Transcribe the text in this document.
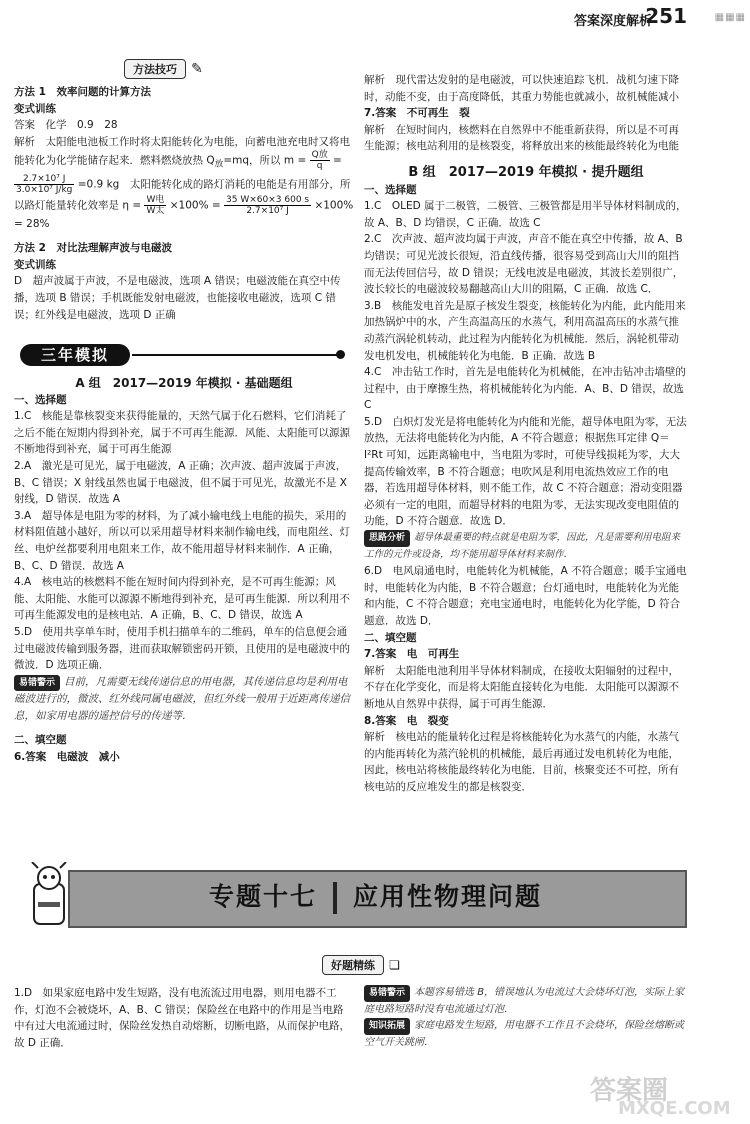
答案深度解析
251	▦▦▦
方法技巧 ✎

方法 1　效率问题的计算方法

变式训练

答案　化学　0.9　28

解析　太阳能电池板工作时将太阳能转化为电能，向蓄电池充电时又将电能转化为化学能储存起来．燃料燃烧放热 $Q_放=mq$，所以 $m = \frac{\text{Q放}}{q}$ =

$\frac{\text{2.7×10⁷ J}}{\text{3.0×10⁷ J/kg}} =0.9$ kg　太阳能转化成的路灯消耗的电能是有用部分，所以路灯能量转化效率是 $\eta = \frac{\text{W电}}{\text{W太}} \times 100\% = \frac{35 W\times 60\times 3 600 s}{\text{2.7×10⁷ J}} \times 100\% = 28\%$

方法 2　对比法理解声波与电磁波

变式训练

D　超声波属于声波，不是电磁波，选项 A 错误；电磁波能在真空中传播，选项 B 错误；手机既能发射电磁波，也能接收电磁波，选项 C 错误；红外线是电磁波，选项 D 正确

三年模拟

A 组　2017—2019 年模拟 · 基础题组

一、选择题

1.C　核能是靠核裂变来获得能量的，天然气属于化石燃料，它们消耗了之后不能在短期内得到补充，属于不可再生能源．风能、太阳能可以源源不断地得到补充，属于可再生能源

2.A　激光是可见光，属于电磁波，A 正确；次声波、超声波属于声波，B、C 错误；X 射线虽然也属于电磁波，但不属于可见光，故激光不是 X 射线，D 错误．故选 A

3.A　超导体是电阻为零的材料，为了减小输电线上电能的损失，采用的材料阻值越小越好，所以可以采用超导材料来制作输电线，而电阻丝、灯丝、电炉丝都要利用电阻来工作，故不能用超导材料来制作．A 正确，B、C、D 错误．故选 A

4.A　核电站的核燃料不能在短时间内得到补充，是不可再生能源；风能、太阳能、水能可以源源不断地得到补充，是可再生能源．所以利用不可再生能源发电的是核电站．A 正确，B、C、D 错误，故选 A

5.D　使用共享单车时，使用手机扫描单车的二维码，单车的信息便会通过电磁波传输到服务器，进而获取解锁密码开锁，且使用的是电磁波中的微波．D 选项正确．

易错警示 目前，凡需要无线传递信息的用电器，其传递信息均是利用电磁波进行的，微波、红外线同属电磁波，但红外线一般用于近距离传递信息，如家用电器的遥控信号的传递等．

二、填空题

6.答案　电磁波　减小

解析　现代雷达发射的是电磁波，可以快速追踪飞机．战机匀速下降时，动能不变，由于高度降低，其重力势能也就减小，故机械能减小

7.答案　不可再生　裂

解析　在短时间内，核燃料在自然界中不能重新获得，所以是不可再生能源；核电站利用的是核裂变，将释放出来的核能最终转化为电能

B 组　2017—2019 年模拟 · 提升题组

一、选择题

1.C　OLED 属于二极管，二极管、三极管都是用半导体材料制成的，故 A、B、D 均错误，C 正确．故选 C

2.C　次声波、超声波均属于声波，声音不能在真空中传播，故 A、B 均错误；可见光波长很短，沿直线传播，很容易受到高山大川的阻挡而无法传回信号，故 D 错误；无线电波是电磁波，其波长差别很广，波长较长的电磁波较易翻越高山大川的阻隔，C 正确．故选 C．

3.B　核能发电首先是原子核发生裂变，核能转化为内能，此内能用来加热锅炉中的水，产生高温高压的水蒸气，利用高温高压的水蒸气推动蒸汽涡轮机转动，此过程为内能转化为机械能．然后，涡轮机带动发电机发电，机械能转化为电能．B 正确．故选 B

4.C　冲击钻工作时，首先是电能转化为机械能，在冲击钻冲击墙壁的过程中，由于摩擦生热，将机械能转化为内能．A、B、D 错误，故选 C

5.D　白炽灯发光是将电能转化为内能和光能，超导体电阻为零，无法放热，无法将电能转化为内能，A 不符合题意；根据焦耳定律 Q＝I²Rt 可知，远距离输电中，当电阻为零时，可使导线损耗为零，大大提高传输效率，B 不符合题意；电吹风是利用电流热效应工作的电器，若选用超导体材料，则不能工作，故 C 不符合题意；滑动变阻器必须有一定的电阻，而超导材料的电阻为零，无法实现改变电阻值的功能，D 不符合题意．故选 D．

思路分析 超导体最重要的特点就是电阻为零，因此，凡是需要利用电阻来工作的元件或设备，均不能用超导体材料来制作．

6.D　电风扇通电时，电能转化为机械能，A 不符合题意；暖手宝通电时，电能转化为内能，B 不符合题意；台灯通电时，电能转化为光能和内能，C 不符合题意；充电宝通电时，电能转化为化学能，D 符合题意．故选 D．

二、填空题

7.答案　电　可再生

解析　太阳能电池利用半导体材料制成，在接收太阳辐射的过程中，不存在化学变化，而是将太阳能直接转化为电能．太阳能可以源源不断地从自然界中获得，属于可再生能源．

8.答案　电　裂变

解析　核电站的能量转化过程是将核能转化为水蒸气的内能，水蒸气的内能再转化为蒸汽轮机的机械能，最后再通过发电机转化为电能，因此，核电站将核能最终转化为电能．目前，核聚变还不可控，所有核电站的反应堆发生的都是核裂变．

专题十七 应用性物理问题
好题精练 ❏

1.D　如果家庭电路中发生短路，没有电流流过用电器，则用电器不工作，灯泡不会被烧坏，A、B、C 错误；保险丝在电路中的作用是当电路中有过大电流通过时，保险丝发热自动熔断，切断电路，从而保护电路，故 D 正确．

易错警示 本题容易错选 B，错误地认为电流过大会烧坏灯泡，实际上家庭电路短路时没有电流通过灯泡．

知识拓展 家庭电路发生短路，用电器不工作且不会烧坏，保险丝熔断或空气开关跳闸．

答案圈
MXQE.COM
